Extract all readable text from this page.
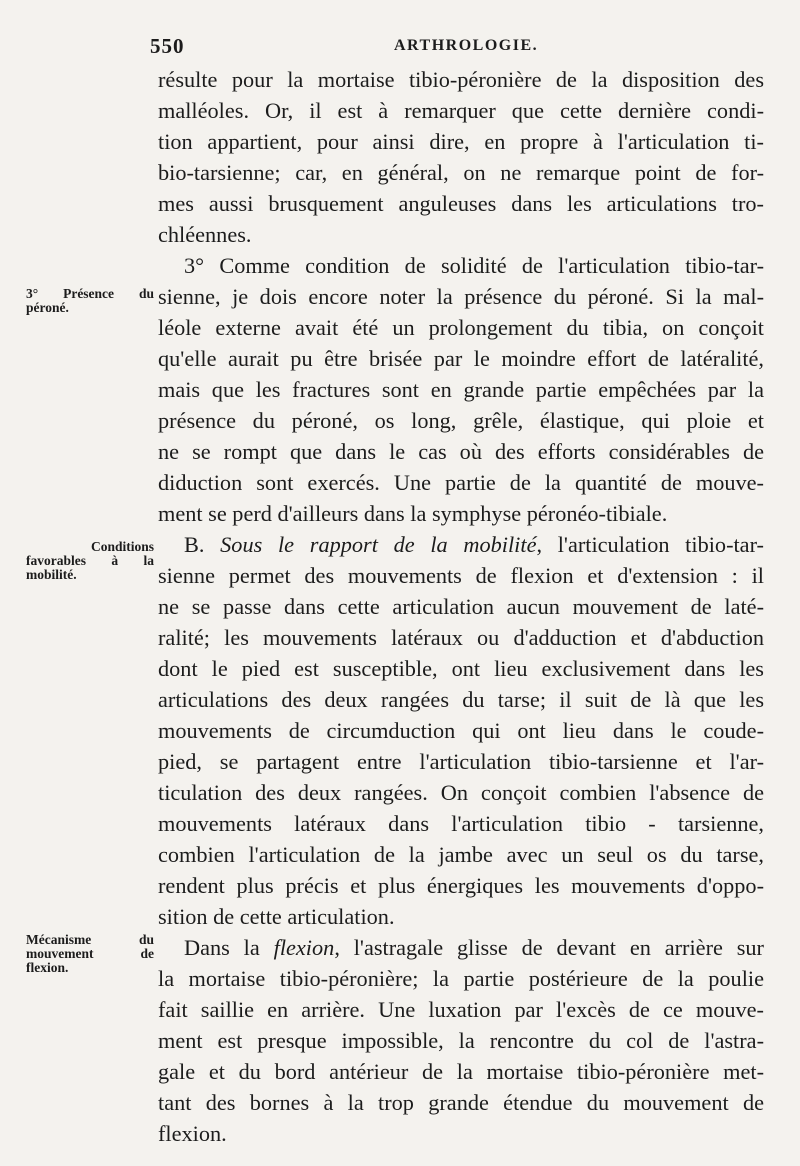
550	ARTHROLOGIE.
3° Présence du
péroné.
Conditions
favorables à la
mobilité.
Mécanisme du
mouvement de
flexion.
résulte pour la mortaise tibio-péronière de la disposition des
malléoles. Or, il est à remarquer que cette dernière condi-
tion appartient, pour ainsi dire, en propre à l'articulation ti-
bio-tarsienne; car, en général, on ne remarque point de for-
mes aussi brusquement anguleuses dans les articulations tro-
chléennes.
3° Comme condition de solidité de l'articulation tibio-tar-
sienne, je dois encore noter la présence du péroné. Si la mal-
léole externe avait été un prolongement du tibia, on conçoit
qu'elle aurait pu être brisée par le moindre effort de latéralité,
mais que les fractures sont en grande partie empêchées par la
présence du péroné, os long, grêle, élastique, qui ploie et
ne se rompt que dans le cas où des efforts considérables de
diduction sont exercés. Une partie de la quantité de mouve-
ment se perd d'ailleurs dans la symphyse péronéo-tibiale.
B. Sous le rapport de la mobilité, l'articulation tibio-tar-
sienne permet des mouvements de flexion et d'extension : il
ne se passe dans cette articulation aucun mouvement de laté-
ralité; les mouvements latéraux ou d'adduction et d'abduction
dont le pied est susceptible, ont lieu exclusivement dans les
articulations des deux rangées du tarse; il suit de là que les
mouvements de circumduction qui ont lieu dans le coude-
pied, se partagent entre l'articulation tibio-tarsienne et l'ar-
ticulation des deux rangées. On conçoit combien l'absence de
mouvements latéraux dans l'articulation tibio - tarsienne,
combien l'articulation de la jambe avec un seul os du tarse,
rendent plus précis et plus énergiques les mouvements d'oppo-
sition de cette articulation.
Dans la flexion, l'astragale glisse de devant en arrière sur
la mortaise tibio-péronière; la partie postérieure de la poulie
fait saillie en arrière. Une luxation par l'excès de ce mouve-
ment est presque impossible, la rencontre du col de l'astra-
gale et du bord antérieur de la mortaise tibio-péronière met-
tant des bornes à la trop grande étendue du mouvement de
flexion.
